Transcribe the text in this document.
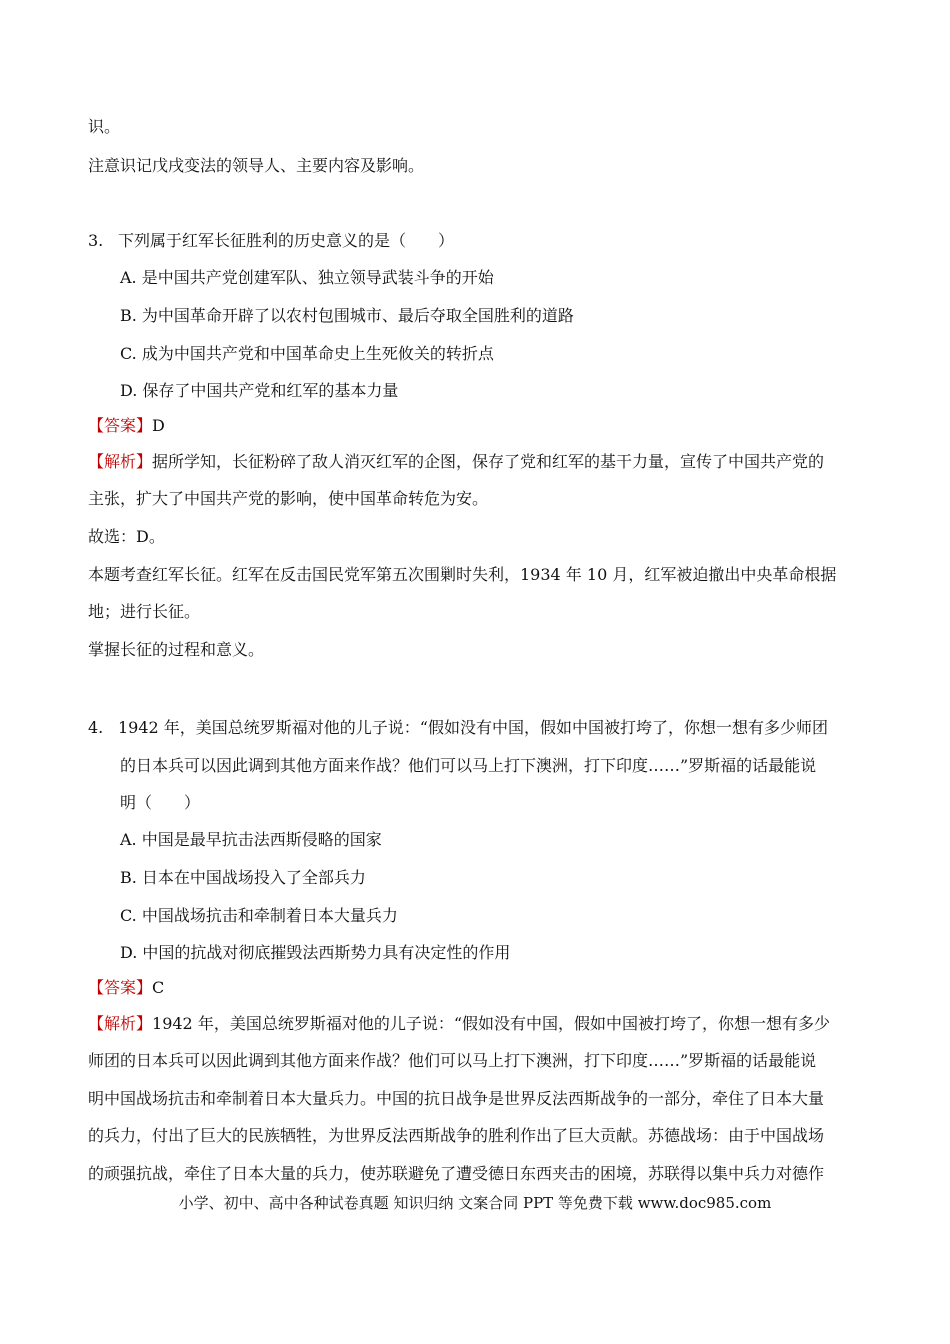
识。
注意识记戊戌变法的领导人、主要内容及影响。
3. 下列属于红军长征胜利的历史意义的是（　　）
A. 是中国共产党创建军队、独立领导武装斗争的开始
B. 为中国革命开辟了以农村包围城市、最后夺取全国胜利的道路
C. 成为中国共产党和中国革命史上生死攸关的转折点
D. 保存了中国共产党和红军的基本力量
【答案】D
【解析】据所学知，长征粉碎了敌人消灭红军的企图，保存了党和红军的基干力量，宣传了中国共产党的
主张，扩大了中国共产党的影响，使中国革命转危为安。
故选：D。
本题考查红军长征。红军在反击国民党军第五次围剿时失利，1934 年 10 月，红军被迫撤出中央革命根据
地；进行长征。
掌握长征的过程和意义。
4. 1942 年，美国总统罗斯福对他的儿子说：“假如没有中国，假如中国被打垮了，你想一想有多少师团
的日本兵可以因此调到其他方面来作战？他们可以马上打下澳洲，打下印度……”罗斯福的话最能说
明（　　）
A. 中国是最早抗击法西斯侵略的国家
B. 日本在中国战场投入了全部兵力
C. 中国战场抗击和牵制着日本大量兵力
D. 中国的抗战对彻底摧毁法西斯势力具有决定性的作用
【答案】C
【解析】1942 年，美国总统罗斯福对他的儿子说：“假如没有中国，假如中国被打垮了，你想一想有多少
师团的日本兵可以因此调到其他方面来作战？他们可以马上打下澳洲，打下印度……”罗斯福的话最能说
明中国战场抗击和牵制着日本大量兵力。中国的抗日战争是世界反法西斯战争的一部分，牵住了日本大量
的兵力，付出了巨大的民族牺牲，为世界反法西斯战争的胜利作出了巨大贡献。苏德战场：由于中国战场
的顽强抗战，牵住了日本大量的兵力，使苏联避免了遭受德日东西夹击的困境，苏联得以集中兵力对德作
小学、初中、高中各种试卷真题 知识归纳 文案合同 PPT 等免费下载 www.doc985.com
